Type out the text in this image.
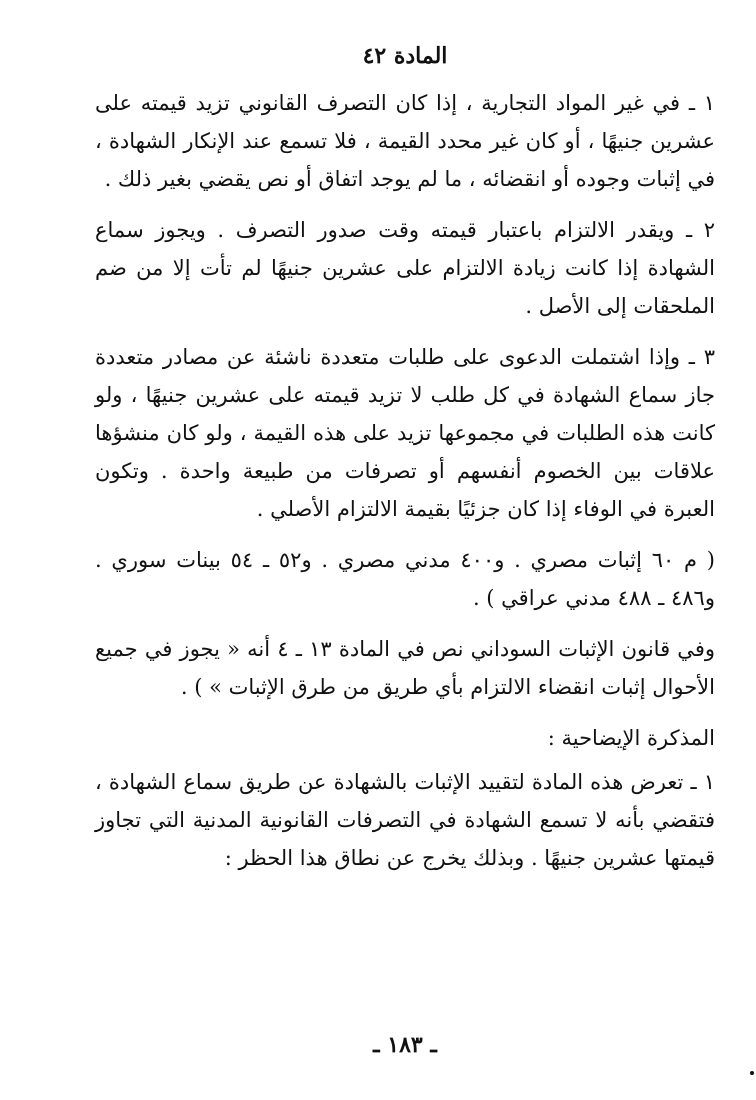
المادة ٤٢

١ ـ في غير المواد التجارية ، إذا كان التصرف القانوني تزيد قيمته على عشرين جنيهًا ، أو كان غير محدد القيمة ، فلا تسمع عند الإنكار الشهادة ، في إثبات وجوده أو انقضائه ، ما لم يوجد اتفاق أو نص يقضي بغير ذلك .

٢ ـ ويقدر الالتزام باعتبار قيمته وقت صدور التصرف . ويجوز سماع الشهادة إذا كانت زيادة الالتزام على عشرين جنيهًا لم تأت إلا من ضم الملحقات إلى الأصل .

٣ ـ وإذا اشتملت الدعوى على طلبات متعددة ناشئة عن مصادر متعددة جاز سماع الشهادة في كل طلب لا تزيد قيمته على عشرين جنيهًا ، ولو كانت هذه الطلبات في مجموعها تزيد على هذه القيمة ، ولو كان منشؤها علاقات بين الخصوم أنفسهم أو تصرفات من طبيعة واحدة . وتكون العبرة في الوفاء إذا كان جزئيًا بقيمة الالتزام الأصلي .

( م ٦٠ إثبات مصري . و٤٠٠ مدني مصري . و٥٢ ـ ٥٤ بينات سوري . و٤٨٦ ـ ٤٨٨ مدني عراقي ) .

وفي قانون الإثبات السوداني نص في المادة ١٣ ـ ٤ أنه « يجوز في جميع الأحوال إثبات انقضاء الالتزام بأي طريق من طرق الإثبات » ) .

المذكرة الإيضاحية :

١ ـ تعرض هذه المادة لتقييد الإثبات بالشهادة عن طريق سماع الشهادة ، فتقضي بأنه لا تسمع الشهادة في التصرفات القانونية المدنية التي تجاوز قيمتها عشرين جنيهًا . وبذلك يخرج عن نطاق هذا الحظر :

ـ ١٨٣ ـ
